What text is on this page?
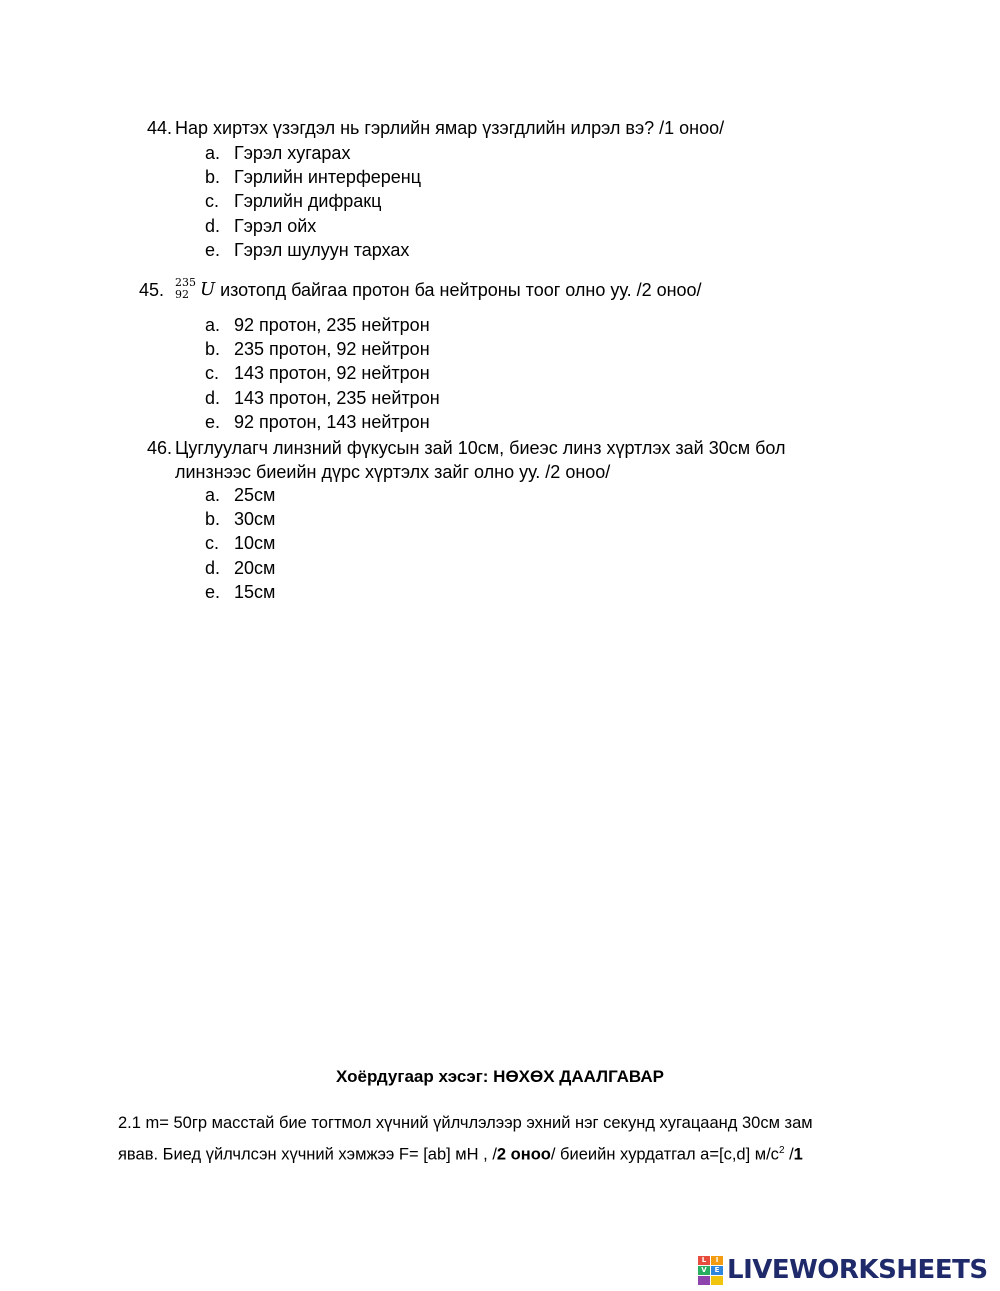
44. Нар хиртэх үзэгдэл нь гэрлийн ямар үзэгдлийн илрэл вэ? /1 оноо/
a. Гэрэл хугарах
b. Гэрлийн интерференц
c. Гэрлийн дифракц
d. Гэрэл ойх
e. Гэрэл шулуун тархах
45. 235
92 U изотопд байгаа протон ба нейтроны тоог олно уу. /2 оноо/
a. 92 протон, 235 нейтрон
b. 235 протон, 92 нейтрон
c. 143 протон, 92 нейтрон
d. 143 протон, 235 нейтрон
e. 92 протон, 143 нейтрон
46. Цуглуулагч линзний фүкусын зай 10см, биеэс линз хүртлэх зай 30см бол
линзнээс биеийн дүрс хүртэлх зайг олно уу. /2 оноо/
a. 25см
b. 30см
c. 10см
d. 20см
e. 15см
Хоёрдугаар хэсэг: НӨХӨХ ДААЛГАВАР
2.1 m= 50гр масстай бие тогтмол хүчний үйлчлэлээр эхний нэг секунд хугацаанд 30см зам
явав. Биед үйлчлсэн хүчний хэмжээ F= [ab] мН , /2 оноо/ биеийн хурдатгал a=[c,d] $м/с^2$ /1
L	I
V	E LIVEWORKSHEETS
